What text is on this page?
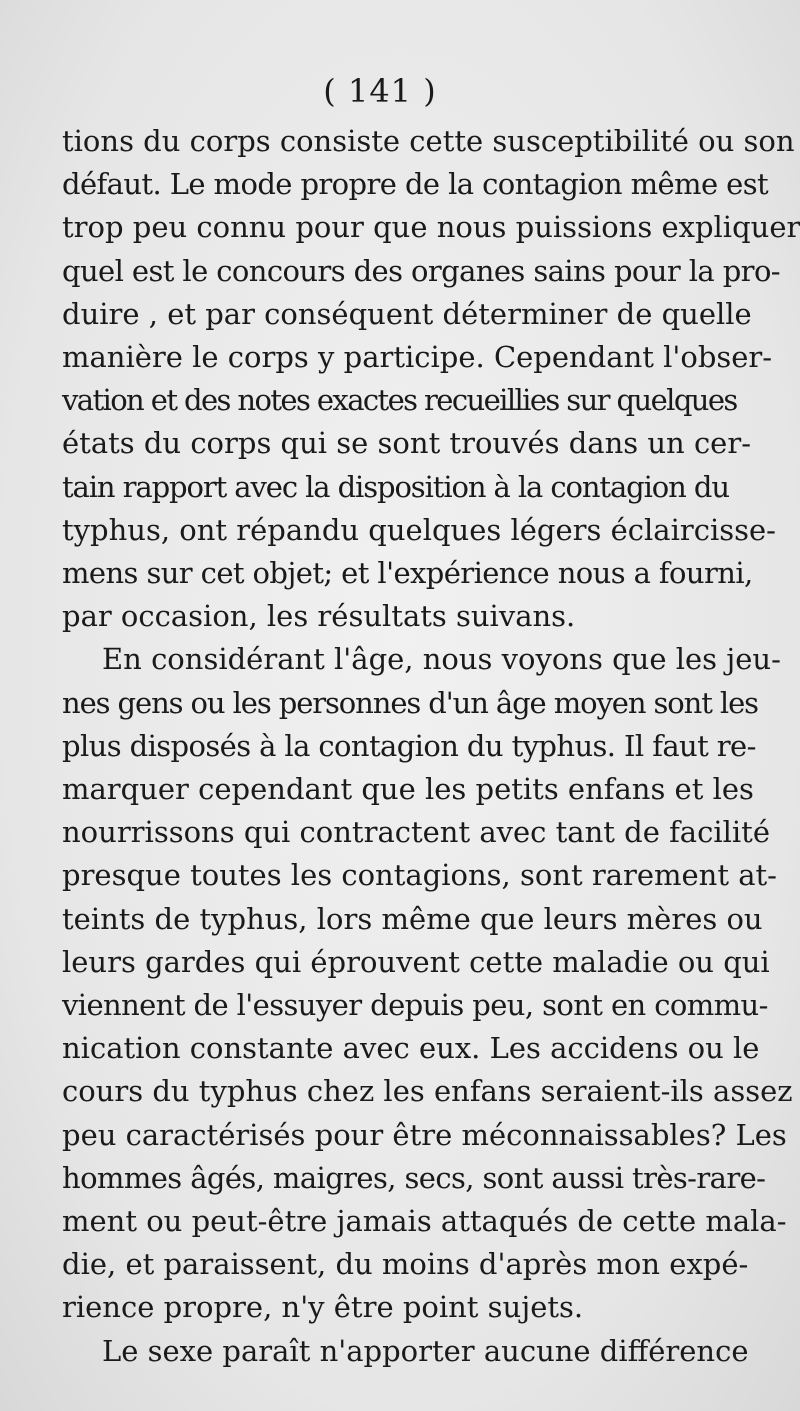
( 141 )
tions du corps consiste cette susceptibilité ou son
défaut. Le mode propre de la contagion même est
trop peu connu pour que nous puissions expliquer
quel est le concours des organes sains pour la pro-
duire , et par conséquent déterminer de quelle
manière le corps y participe. Cependant l'obser-
vation et des notes exactes recueillies sur quelques
états du corps qui se sont trouvés dans un cer-
tain rapport avec la disposition à la contagion du
typhus, ont répandu quelques légers éclaircisse-
mens sur cet objet; et l'expérience nous a fourni,
par occasion, les résultats suivans.
En considérant l'âge, nous voyons que les jeu-
nes gens ou les personnes d'un âge moyen sont les
plus disposés à la contagion du typhus. Il faut re-
marquer cependant que les petits enfans et les
nourrissons qui contractent avec tant de facilité
presque toutes les contagions, sont rarement at-
teints de typhus, lors même que leurs mères ou
leurs gardes qui éprouvent cette maladie ou qui
viennent de l'essuyer depuis peu, sont en commu-
nication constante avec eux. Les accidens ou le
cours du typhus chez les enfans seraient-ils assez
peu caractérisés pour être méconnaissables? Les
hommes âgés, maigres, secs, sont aussi très-rare-
ment ou peut-être jamais attaqués de cette mala-
die, et paraissent, du moins d'après mon expé-
rience propre, n'y être point sujets.
Le sexe paraît n'apporter aucune différence
